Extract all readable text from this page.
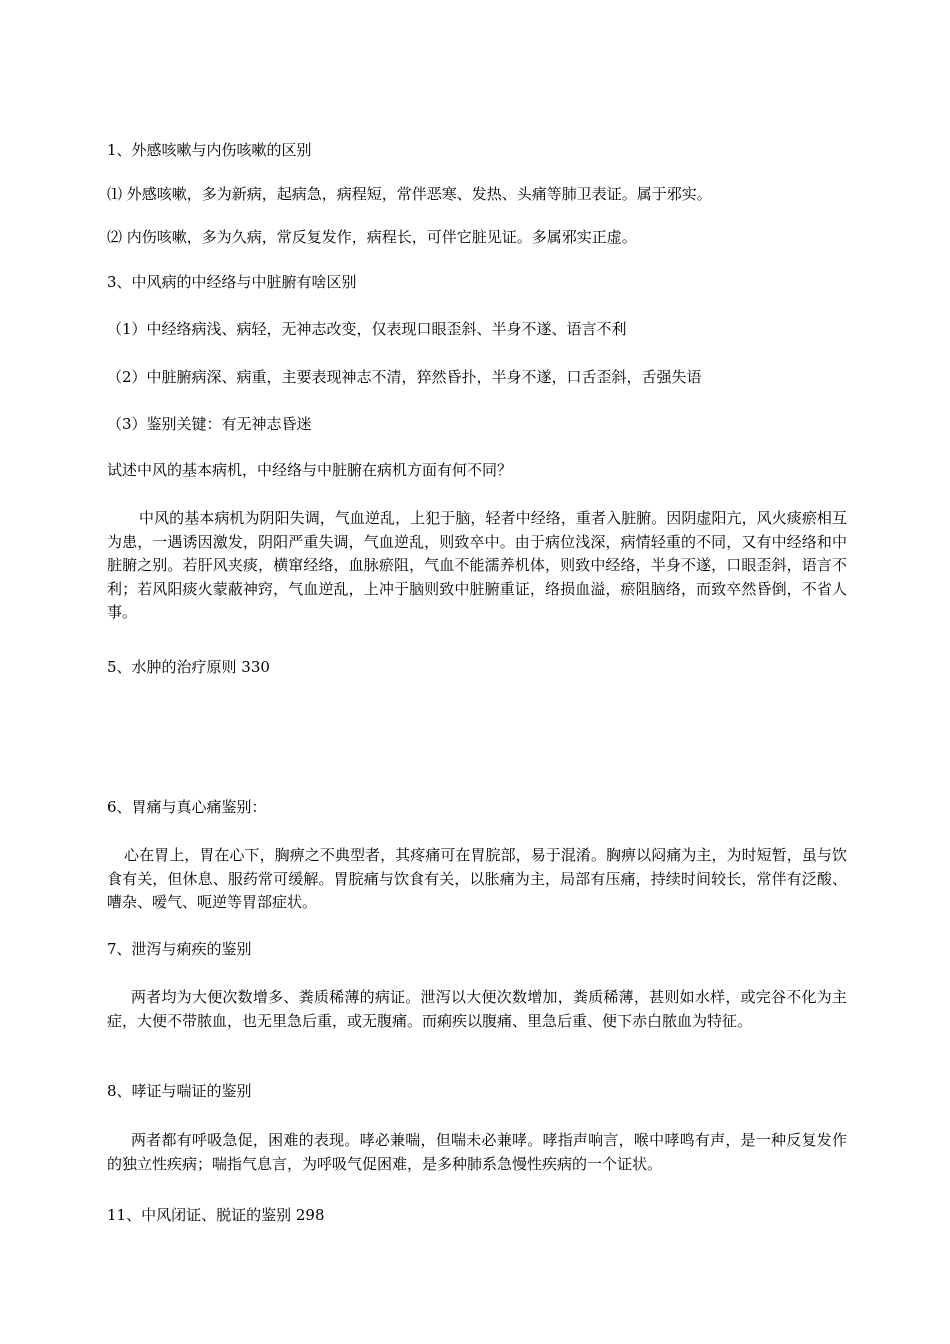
1、外感咳嗽与内伤咳嗽的区别

⑴ 外感咳嗽，多为新病，起病急，病程短，常伴恶寒、发热、头痛等肺卫表证。属于邪实。

⑵ 内伤咳嗽，多为久病，常反复发作，病程长，可伴它脏见证。多属邪实正虚。

3、中风病的中经络与中脏腑有啥区别

（1）中经络病浅、病轻，无神志改变，仅表现口眼歪斜、半身不遂、语言不利

（2）中脏腑病深、病重，主要表现神志不清，猝然昏扑，半身不遂，口舌歪斜，舌强失语

（3）鉴别关键：有无神志昏迷

试述中风的基本病机，中经络与中脏腑在病机方面有何不同？

中风的基本病机为阴阳失调，气血逆乱，上犯于脑，轻者中经络，重者入脏腑。因阴虚阳亢，风火痰瘀相互为患，一遇诱因激发，阴阳严重失调，气血逆乱，则致卒中。由于病位浅深，病情轻重的不同，又有中经络和中脏腑之别。若肝风夹痰，横窜经络，血脉瘀阻，气血不能濡养机体，则致中经络，半身不遂，口眼歪斜，语言不利；若风阳痰火蒙蔽神窍，气血逆乱，上冲于脑则致中脏腑重证，络损血溢，瘀阻脑络，而致卒然昏倒，不省人事。

5、水肿的治疗原则 330

6、胃痛与真心痛鉴别：

心在胃上，胃在心下，胸痹之不典型者，其疼痛可在胃脘部，易于混淆。胸痹以闷痛为主，为时短暂，虽与饮食有关，但休息、服药常可缓解。胃脘痛与饮食有关，以胀痛为主，局部有压痛，持续时间较长，常伴有泛酸、嘈杂、嗳气、呃逆等胃部症状。

7、泄泻与痢疾的鉴别

两者均为大便次数增多、粪质稀薄的病证。泄泻以大便次数增加，粪质稀薄，甚则如水样，或完谷不化为主症，大便不带脓血，也无里急后重，或无腹痛。而痢疾以腹痛、里急后重、便下赤白脓血为特征。

8、哮证与喘证的鉴别

两者都有呼吸急促，困难的表现。哮必兼喘，但喘未必兼哮。哮指声响言，喉中哮鸣有声，是一种反复发作的独立性疾病；喘指气息言，为呼吸气促困难，是多种肺系急慢性疾病的一个证状。

11、中风闭证、脱证的鉴别 298
